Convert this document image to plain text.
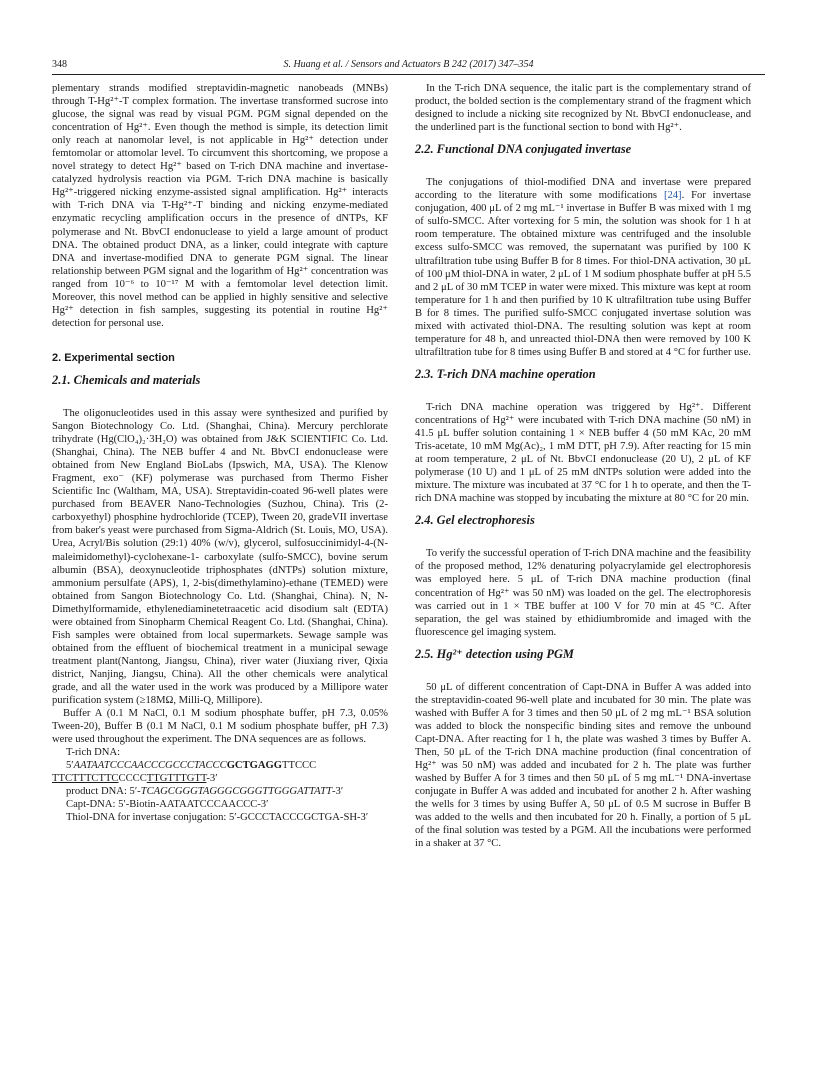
348	S. Huang et al. / Sensors and Actuators B 242 (2017) 347–354

plementary strands modified streptavidin-magnetic nanobeads (MNBs) through T-Hg²⁺-T complex formation. The invertase transformed sucrose into glucose, the signal was read by visual PGM. PGM signal depended on the concentration of Hg²⁺. Even though the method is simple, its detection limit only reach at nanomolar level, is not applicable in Hg²⁺ detection under femtomolar or attomolar level. To circumvent this shortcoming, we propose a novel strategy to detect Hg²⁺ based on T-rich DNA machine and invertase-catalyzed hydrolysis reaction via PGM. T-rich DNA machine is basically Hg²⁺-triggered nicking enzyme-assisted signal amplification. Hg²⁺ interacts with T-rich DNA via T-Hg²⁺-T binding and nicking enzyme-mediated enzymatic recycling amplification occurs in the presence of dNTPs, KF polymerase and Nt. BbvCI endonuclease to yield a large amount of product DNA. The obtained product DNA, as a linker, could integrate with capture DNA and invertase-modified DNA to generate PGM signal. The linear relationship between PGM signal and the logarithm of Hg²⁺ concentration was ranged from 10⁻⁶ to 10⁻¹⁷ M with a femtomolar level detection limit. Moreover, this novel method can be applied in highly sensitive and selective Hg²⁺ detection in fish samples, suggesting its potential in routine Hg²⁺ detection for personal use.

2. Experimental section
2.1. Chemicals and materials

The oligonucleotides used in this assay were synthesized and purified by Sangon Biotechnology Co. Ltd. (Shanghai, China). Mercury perchlorate trihydrate (Hg(ClO₄)₂·3H₂O) was obtained from J&K SCIENTIFIC Co. Ltd. (Shanghai, China). The NEB buffer 4 and Nt. BbvCI endonuclease were obtained from New England BioLabs (Ipswich, MA, USA). The Klenow Fragment, exo⁻ (KF) polymerase was purchased from Thermo Fisher Scientific Inc (Waltham, MA, USA). Streptavidin-coated 96-well plates were purchased from BEAVER Nano-Technologies (Suzhou, China). Tris (2-carboxyethyl) phosphine hydrochloride (TCEP), Tween 20, gradeVII invertase from baker's yeast were purchased from Sigma-Aldrich (St. Louis, MO, USA). Urea, Acryl/Bis solution (29:1) 40% (w/v), glycerol, sulfosuccinimidyl-4-(N-maleimidomethyl)-cyclohexane-1- carboxylate (sulfo-SMCC), bovine serum albumin (BSA), deoxynucleotide triphosphates (dNTPs) solution mixture, ammonium persulfate (APS), 1, 2-bis(dimethylamino)-ethane (TEMED) were obtained from Sangon Biotechnology Co. Ltd. (Shanghai, China). N, N-Dimethylformamide, ethylenediaminetetraacetic acid disodium salt (EDTA) were obtained from Sinopharm Chemical Reagent Co. Ltd. (Shanghai, China). Fish samples were obtained from local supermarkets. Sewage sample was obtained from the effluent of biochemical treatment in a municipal sewage treatment plant(Nantong, Jiangsu, China), river water (Jiuxiang river, Qixia district, Nanjing, Jiangsu, China). All the other chemicals were analytical grade, and all the water used in the work was produced by a Millipore water purification system (≥18MΩ, Milli-Q, Millipore).

Buffer A (0.1 M NaCl, 0.1 M sodium phosphate buffer, pH 7.3, 0.05% Tween-20), Buffer B (0.1 M NaCl, 0.1 M sodium phosphate buffer, pH 7.3) were used throughout the experiment. The DNA sequences are as follows.

T-rich DNA:

5′AATAATCCCAACCCGCCCTACCCGCTGAGGTTCCC

TTCTTTCTTCCCCCTTGTTTGTT-3′

product DNA: 5′-TCAGCGGGTAGGGCGGGTTGGGATTATT-3′

Capt-DNA: 5′-Biotin-AATAATCCCAACCC-3′

Thiol-DNA for invertase conjugation: 5′-GCCCTACCCGCTGA-SH-3′

In the T-rich DNA sequence, the italic part is the complementary strand of product, the bolded section is the complementary strand of the fragment which designed to include a nicking site recognized by Nt. BbvCI endonuclease, and the underlined part is the functional section to bond with Hg²⁺.

2.2. Functional DNA conjugated invertase

The conjugations of thiol-modified DNA and invertase were prepared according to the literature with some modifications [24]. For invertase conjugation, 400 μL of 2 mg mL⁻¹ invertase in Buffer B was mixed with 1 mg of sulfo-SMCC. After vortexing for 5 min, the solution was shook for 1 h at room temperature. The obtained mixture was centrifuged and the insoluble excess sulfo-SMCC was removed, the supernatant was purified by 100 K ultrafiltration tube using Buffer B for 8 times. For thiol-DNA activation, 30 μL of 100 μM thiol-DNA in water, 2 μL of 1 M sodium phosphate buffer at pH 5.5 and 2 μL of 30 mM TCEP in water were mixed. This mixture was kept at room temperature for 1 h and then purified by 10 K ultrafiltration tube using Buffer B for 8 times. The purified sulfo-SMCC conjugated invertase solution was mixed with activated thiol-DNA. The resulting solution was kept at room temperature for 48 h, and unreacted thiol-DNA then were removed by 100 K ultrafiltration tube for 8 times using Buffer B and stored at 4 °C for further use.

2.3. T-rich DNA machine operation

T-rich DNA machine operation was triggered by Hg²⁺. Different concentrations of Hg²⁺ were incubated with T-rich DNA machine (50 nM) in 41.5 μL buffer solution containing 1 × NEB buffer 4 (50 mM KAc, 20 mM Tris-acetate, 10 mM Mg(Ac)₂, 1 mM DTT, pH 7.9). After reacting for 15 min at room temperature, 2 μL of Nt. BbvCI endonuclease (20 U), 2 μL of KF polymerase (10 U) and 1 μL of 25 mM dNTPs solution were added into the mixture. The mixture was incubated at 37 °C for 1 h to operate, and then the T-rich DNA machine was stopped by incubating the mixture at 80 °C for 20 min.

2.4. Gel electrophoresis

To verify the successful operation of T-rich DNA machine and the feasibility of the proposed method, 12% denaturing polyacrylamide gel electrophoresis was employed here. 5 μL of T-rich DNA machine production (final concentration of Hg²⁺ was 50 nM) was loaded on the gel. The electrophoresis was carried out in 1 × TBE buffer at 100 V for 70 min at 45 °C. After separation, the gel was stained by ethidiumbromide and imaged with the fluorescence gel imaging system.

2.5. Hg²⁺ detection using PGM

50 μL of different concentration of Capt-DNA in Buffer A was added into the streptavidin-coated 96-well plate and incubated for 30 min. The plate was washed with Buffer A for 3 times and then 50 μL of 2 mg mL⁻¹ BSA solution was added to block the nonspecific binding sites and remove the unbound Capt-DNA. After reacting for 1 h, the plate was washed 3 times by Buffer A. Then, 50 μL of the T-rich DNA machine production (final concentration of Hg²⁺ was 50 nM) was added and incubated for 2 h. The plate was further washed by Buffer A for 3 times and then 50 μL of 5 mg mL⁻¹ DNA-invertase conjugate in Buffer A was added and incubated for another 2 h. After washing the wells for 3 times by using Buffer A, 50 μL of 0.5 M sucrose in Buffer B was added to the wells and then incubated for 20 h. Finally, a portion of 5 μL of the final solution was tested by a PGM. All the incubations were performed in a shaker at 37 °C.
